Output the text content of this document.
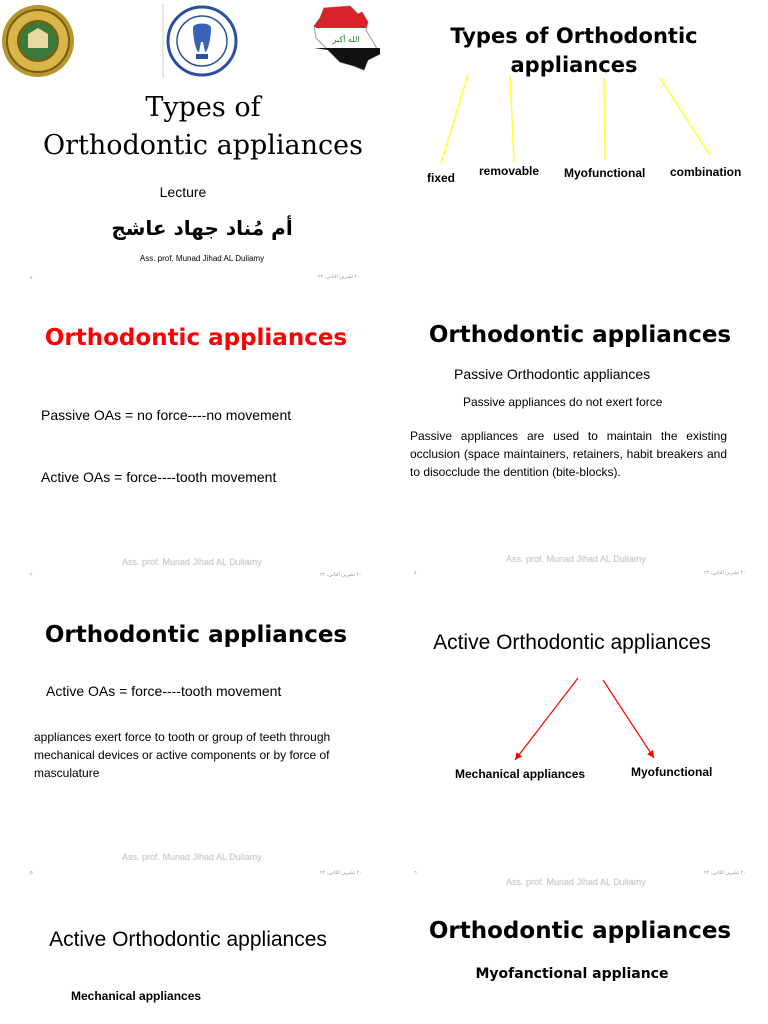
الله أكبر
Types of
Orthodontic appliances
Lecture
أم مُناد جهاد عاشج
Ass. prof. Munad Jihad AL Duliamy
٤	٢٠ تشرين الثاني، ٢٢
Types of Orthodontic
appliances
fixed removable Myofunctional combination
Orthodontic appliances
Passive OAs = no force----no movement
Active OAs = force----tooth movement
Ass. prof. Munad Jihad AL Duliamy
٢	٢٠ تشرين الثاني، ٢٢
Orthodontic appliances
Passive Orthodontic appliances
Passive appliances do not exert force
Passive appliances are used to maintain the existing occlusion (space maintainers, retainers, habit breakers and to disocclude the dentition (bite-blocks).
Ass. prof. Munad Jihad AL Duliamy
٤	٢٠ تشرين الثاني، ٢٢
Orthodontic appliances
Active OAs = force----tooth movement
appliances exert force to tooth or group of teeth through mechanical devices or active components or by force of masculature
Ass. prof. Munad Jihad AL Duliamy
٥	٢٠ تشرين الثاني، ٢٢
Active Orthodontic appliances
Mechanical appliances	Myofunctional
٦	٢٠ تشرين الثاني، ٢٢
Ass. prof. Munad Jihad AL Duliamy
Active Orthodontic appliances
Mechanical appliances
Orthodontic appliances
Myofanctional appliance
